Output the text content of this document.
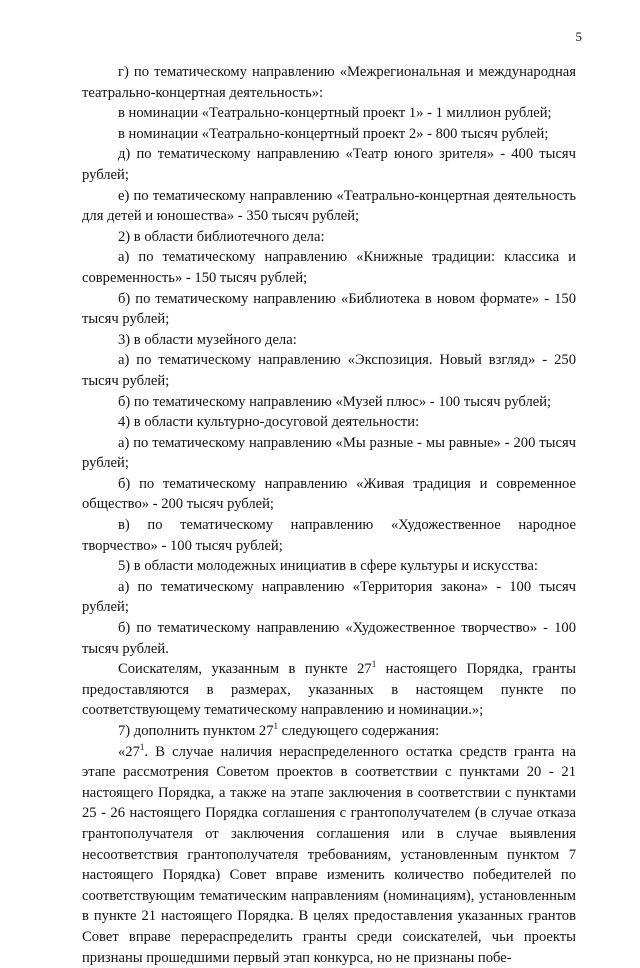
5

г) по тематическому направлению «Межрегиональная и международная театрально-концертная деятельность»:

в номинации «Театрально-концертный проект 1» - 1 миллион рублей;

в номинации «Театрально-концертный проект 2» - 800 тысяч рублей;

д) по тематическому направлению «Театр юного зрителя» - 400 тысяч рублей;

е) по тематическому направлению «Театрально-концертная деятельность для детей и юношества» - 350 тысяч рублей;

2) в области библиотечного дела:

а) по тематическому направлению «Книжные традиции: классика и современность» - 150 тысяч рублей;

б) по тематическому направлению «Библиотека в новом формате» - 150 тысяч рублей;

3) в области музейного дела:

а) по тематическому направлению «Экспозиция. Новый взгляд» - 250 тысяч рублей;

б) по тематическому направлению «Музей плюс» - 100 тысяч рублей;

4) в области культурно-досуговой деятельности:

а) по тематическому направлению «Мы разные - мы равные» - 200 тысяч рублей;

б) по тематическому направлению «Живая традиция и современное общество» - 200 тысяч рублей;

в) по тематическому направлению «Художественное народное творчество» - 100 тысяч рублей;

5) в области молодежных инициатив в сфере культуры и искусства:

а) по тематическому направлению «Территория закона» - 100 тысяч рублей;

б) по тематическому направлению «Художественное творчество» - 100 тысяч рублей.

Соискателям, указанным в пункте $27^1$ настоящего Порядка, гранты предоставляются в размерах, указанных в настоящем пункте по соответствующему тематическому направлению и номинации.»;

7) дополнить пунктом $27^1$ следующего содержания:

«$27^1$. В случае наличия нераспределенного остатка средств гранта на этапе рассмотрения Советом проектов в соответствии с пунктами 20 - 21 настоящего Порядка, а также на этапе заключения в соответствии с пунктами 25 - 26 настоящего Порядка соглашения с грантополучателем (в случае отказа грантополучателя от заключения соглашения или в случае выявления несоответствия грантополучателя требованиям, установленным пунктом 7 настоящего Порядка) Совет вправе изменить количество победителей по соответствующим тематическим направлениям (номинациям), установленным в пункте 21 настоящего Порядка. В целях предоставления указанных грантов Совет вправе перераспределить гранты среди соискателей, чьи проекты признаны прошедшими первый этап конкурса, но не признаны побе-
